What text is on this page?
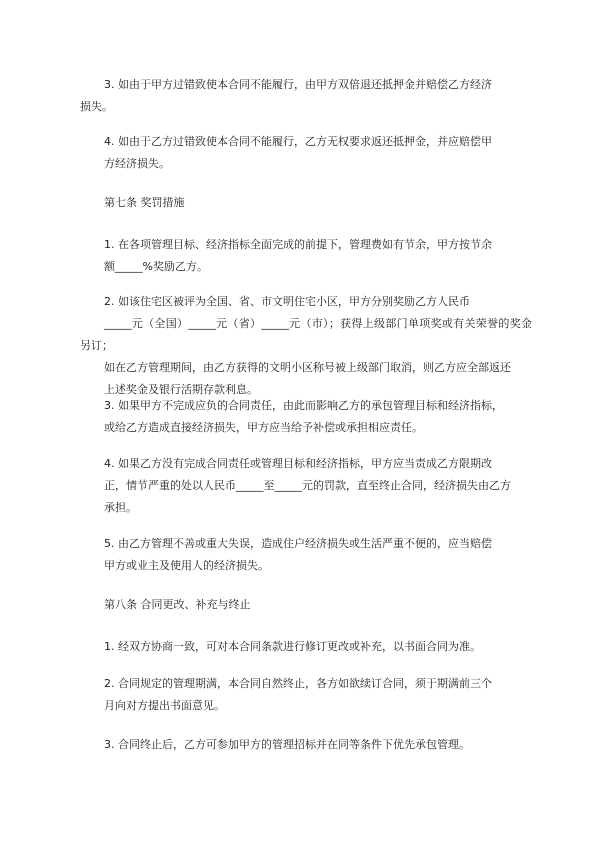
3. 如由于甲方过错致使本合同不能履行，由甲方双倍退还抵押金并赔偿乙方经济
损失。

4. 如由于乙方过错致使本合同不能履行，乙方无权要求返还抵押金，并应赔偿甲
方经济损失。

第七条 奖罚措施

1. 在各项管理目标、经济指标全面完成的前提下，管理费如有节余，甲方按节余
额_____%奖励乙方。

2. 如该住宅区被评为全国、省、市文明住宅小区，甲方分别奖励乙方人民币
_____元（全国）_____元（省）_____元（市）；获得上级部门单项奖或有关荣誉的奖金另订；
如在乙方管理期间，由乙方获得的文明小区称号被上级部门取消，则乙方应全部返还
上述奖金及银行活期存款利息。

3. 如果甲方不完成应负的合同责任，由此而影响乙方的承包管理目标和经济指标，
或给乙方造成直接经济损失，甲方应当给予补偿或承担相应责任。

4. 如果乙方没有完成合同责任或管理目标和经济指标，甲方应当责成乙方限期改
正，情节严重的处以人民币_____至_____元的罚款，直至终止合同，经济损失由乙方
承担。

5. 由乙方管理不善或重大失误，造成住户经济损失或生活严重不便的，应当赔偿
甲方或业主及使用人的经济损失。

第八条 合同更改、补充与终止

1. 经双方协商一致，可对本合同条款进行修订更改或补充，以书面合同为准。

2. 合同规定的管理期满，本合同自然终止，各方如欲续订合同，须于期满前三个
月向对方提出书面意见。

3. 合同终止后，乙方可参加甲方的管理招标并在同等条件下优先承包管理。
